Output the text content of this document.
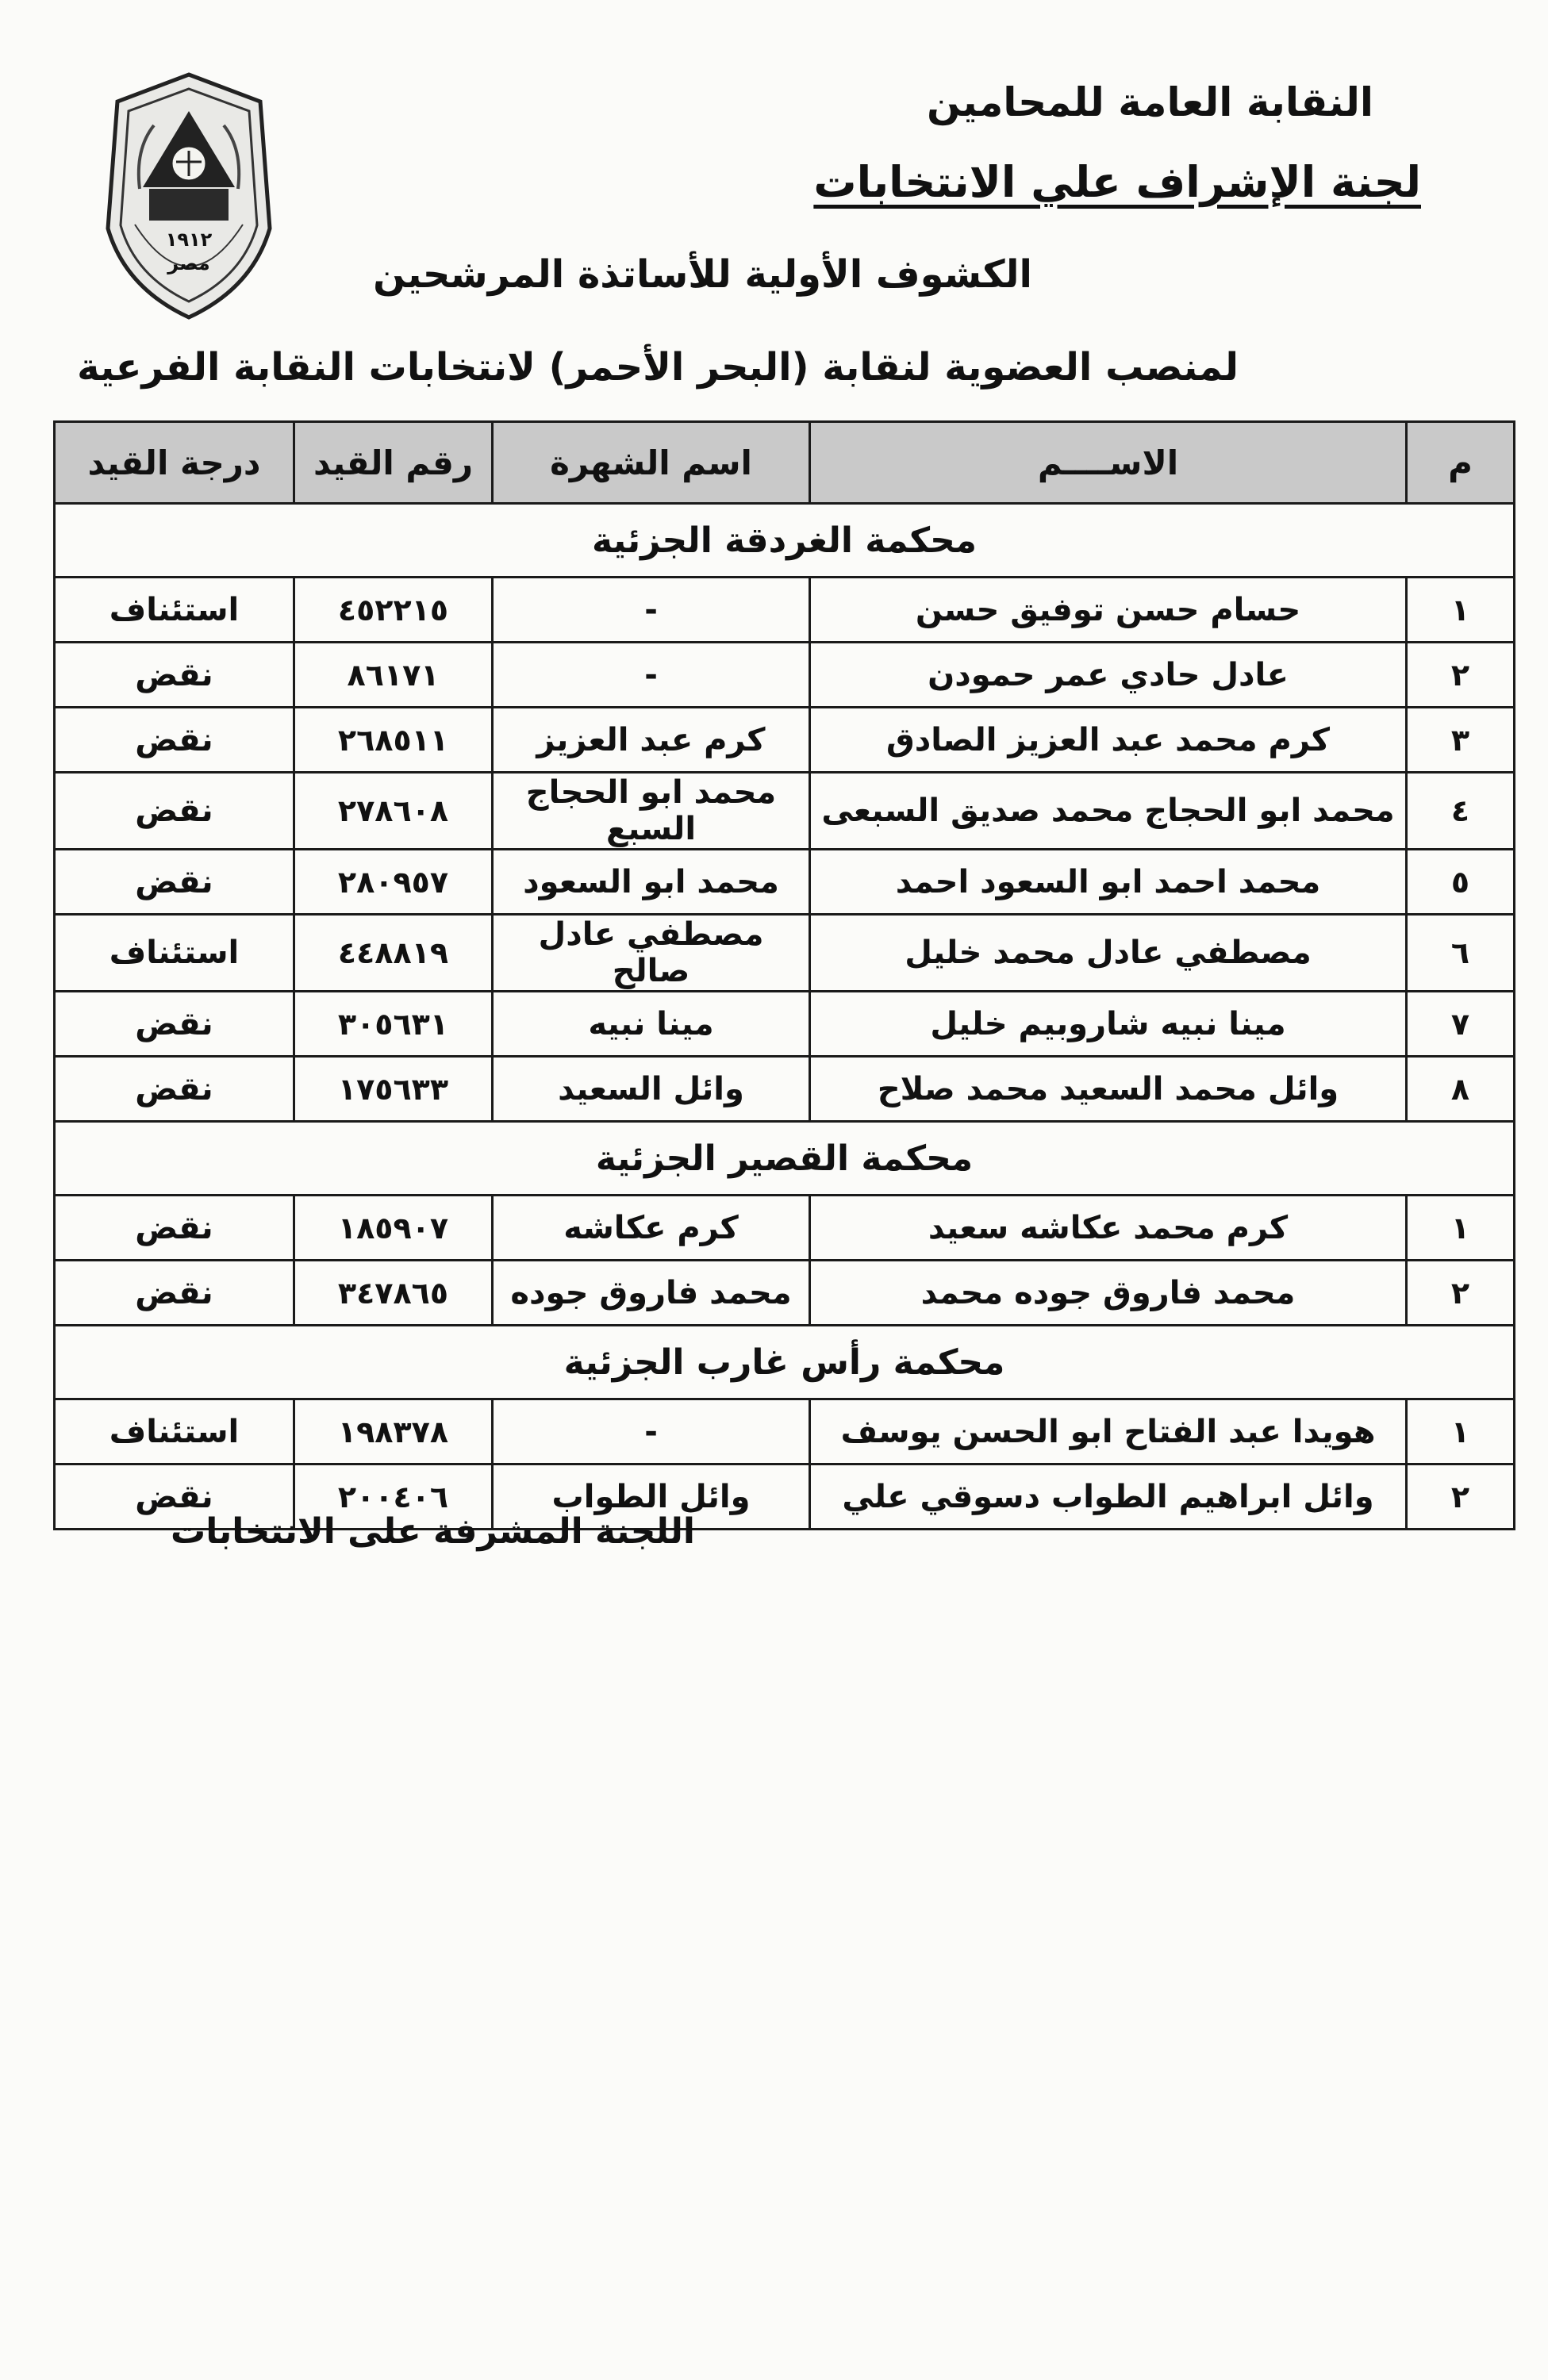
١٩١٢
مصر
النقابة العامة للمحامين
لجنة الإشراف علي الانتخابات
الكشوف الأولية للأساتذة المرشحين
لمنصب العضوية لنقابة (البحر الأحمر) لانتخابات النقابة الفرعية
م	الاســــم	اسم الشهرة	رقم القيد	درجة القيد
محكمة الغردقة الجزئية				
١	حسام حسن توفيق حسن	-	٤٥٢٢١٥	استئناف
٢	عادل حادي عمر حمودن	-	٨٦١٧١	نقض
٣	كرم محمد عبد العزيز الصادق	كرم عبد العزيز	٢٦٨٥١١	نقض
٤	محمد ابو الحجاج محمد صديق السبعى	محمد ابو الحجاج السبع	٢٧٨٦٠٨	نقض
٥	محمد احمد ابو السعود احمد	محمد ابو السعود	٢٨٠٩٥٧	نقض
٦	مصطفي عادل محمد خليل	مصطفي عادل صالح	٤٤٨٨١٩	استئناف
٧	مينا نبيه شاروبيم خليل	مينا نبيه	٣٠٥٦٣١	نقض
٨	وائل محمد السعيد محمد صلاح	وائل السعيد	١٧٥٦٣٣	نقض
محكمة القصير الجزئية				
١	كرم محمد عكاشه سعيد	كرم عكاشه	١٨٥٩٠٧	نقض
٢	محمد فاروق جوده محمد	محمد فاروق جوده	٣٤٧٨٦٥	نقض
محكمة رأس غارب الجزئية				
١	هويدا عبد الفتاح ابو الحسن يوسف	-	١٩٨٣٧٨	استئناف
٢	وائل ابراهيم الطواب دسوقي علي	وائل الطواب	٢٠٠٤٠٦	نقض
اللجنة المشرفة على الانتخابات
